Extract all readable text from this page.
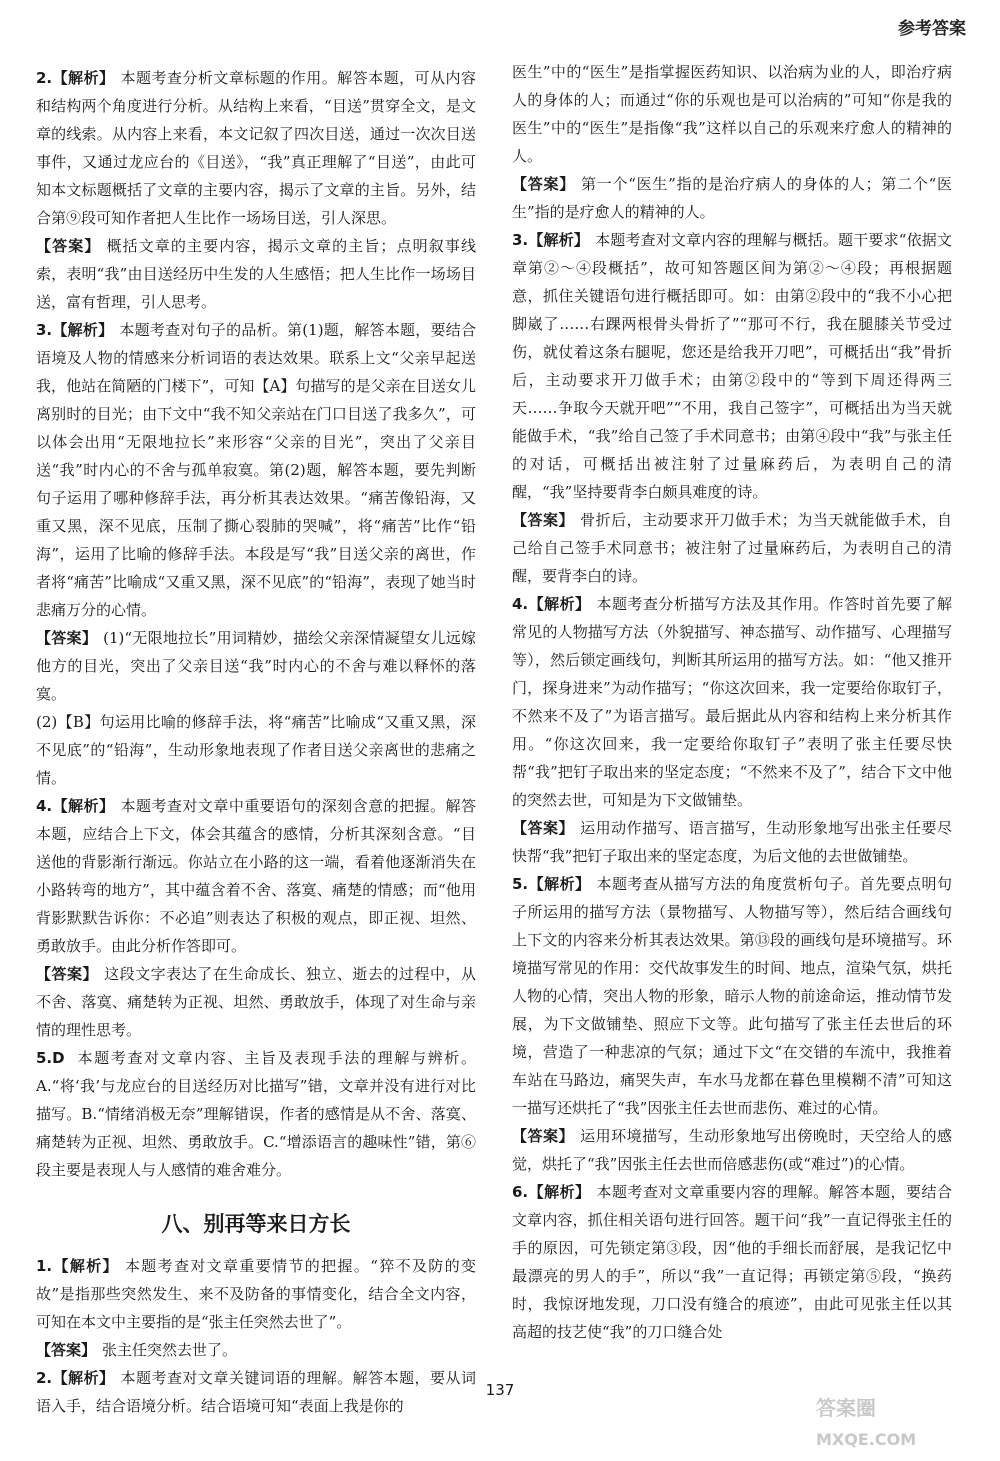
参考答案

2.【解析】 本题考查分析文章标题的作用。解答本题，可从内容和结构两个角度进行分析。从结构上来看，“目送”贯穿全文，是文章的线索。从内容上来看，本文记叙了四次目送，通过一次次目送事件，又通过龙应台的《目送》，“我”真正理解了“目送”，由此可知本文标题概括了文章的主要内容，揭示了文章的主旨。另外，结合第⑨段可知作者把人生比作一场场目送，引人深思。

【答案】 概括文章的主要内容，揭示文章的主旨；点明叙事线索，表明“我”由目送经历中生发的人生感悟；把人生比作一场场目送，富有哲理，引人思考。

3.【解析】 本题考查对句子的品析。第(1)题，解答本题，要结合语境及人物的情感来分析词语的表达效果。联系上文“父亲早起送我，他站在简陋的门楼下”，可知【A】句描写的是父亲在目送女儿离别时的目光；由下文中“我不知父亲站在门口目送了我多久”，可以体会出用“无限地拉长”来形容“父亲的目光”，突出了父亲目送“我”时内心的不舍与孤单寂寞。第(2)题，解答本题，要先判断句子运用了哪种修辞手法，再分析其表达效果。“痛苦像铅海，又重又黑，深不见底，压制了撕心裂肺的哭喊”，将“痛苦”比作“铅海”，运用了比喻的修辞手法。本段是写“我”目送父亲的离世，作者将“痛苦”比喻成“又重又黑，深不见底”的“铅海”，表现了她当时悲痛万分的心情。

【答案】 (1)“无限地拉长”用词精妙，描绘父亲深情凝望女儿远嫁他方的目光，突出了父亲目送“我”时内心的不舍与难以释怀的落寞。

(2)【B】句运用比喻的修辞手法，将“痛苦”比喻成“又重又黑，深不见底”的“铅海”，生动形象地表现了作者目送父亲离世的悲痛之情。

4.【解析】 本题考查对文章中重要语句的深刻含意的把握。解答本题，应结合上下文，体会其蕴含的感情，分析其深刻含意。“目送他的背影渐行渐远。你站立在小路的这一端，看着他逐渐消失在小路转弯的地方”，其中蕴含着不舍、落寞、痛楚的情感；而“他用背影默默告诉你：不必追”则表达了积极的观点，即正视、坦然、勇敢放手。由此分析作答即可。

【答案】 这段文字表达了在生命成长、独立、逝去的过程中，从不舍、落寞、痛楚转为正视、坦然、勇敢放手，体现了对生命与亲情的理性思考。

5.D 本题考查对文章内容、主旨及表现手法的理解与辨析。A.“将‘我’与龙应台的目送经历对比描写”错，文章并没有进行对比描写。B.“情绪消极无奈”理解错误，作者的感情是从不舍、落寞、痛楚转为正视、坦然、勇敢放手。C.“增添语言的趣味性”错，第⑥段主要是表现人与人感情的难舍难分。

八、别再等来日方长

1.【解析】 本题考查对文章重要情节的把握。“猝不及防的变故”是指那些突然发生、来不及防备的事情变化，结合全文内容，可知在本文中主要指的是“张主任突然去世了”。

【答案】 张主任突然去世了。

2.【解析】 本题考查对文章关键词语的理解。解答本题，要从词语入手，结合语境分析。结合语境可知“表面上我是你的

医生”中的“医生”是指掌握医药知识、以治病为业的人，即治疗病人的身体的人；而通过“你的乐观也是可以治病的”可知“你是我的医生”中的“医生”是指像“我”这样以自己的乐观来疗愈人的精神的人。

【答案】 第一个“医生”指的是治疗病人的身体的人；第二个“医生”指的是疗愈人的精神的人。

3.【解析】 本题考查对文章内容的理解与概括。题干要求“依据文章第②～④段概括”，故可知答题区间为第②～④段；再根据题意，抓住关键语句进行概括即可。如：由第②段中的“我不小心把脚崴了……右踝两根骨头骨折了”“那可不行，我在腿膝关节受过伤，就仗着这条右腿呢，您还是给我开刀吧”，可概括出“我”骨折后，主动要求开刀做手术；由第②段中的“等到下周还得两三天……争取今天就开吧”“不用，我自己签字”，可概括出为当天就能做手术，“我”给自己签了手术同意书；由第④段中“我”与张主任的对话，可概括出被注射了过量麻药后，为表明自己的清醒，“我”坚持要背李白颇具难度的诗。

【答案】 骨折后，主动要求开刀做手术；为当天就能做手术，自己给自己签手术同意书；被注射了过量麻药后，为表明自己的清醒，要背李白的诗。

4.【解析】 本题考查分析描写方法及其作用。作答时首先要了解常见的人物描写方法（外貌描写、神态描写、动作描写、心理描写等），然后锁定画线句，判断其所运用的描写方法。如：“他又推开门，探身进来”为动作描写；“你这次回来，我一定要给你取钉子，不然来不及了”为语言描写。最后据此从内容和结构上来分析其作用。“你这次回来，我一定要给你取钉子”表明了张主任要尽快帮“我”把钉子取出来的坚定态度；“不然来不及了”，结合下文中他的突然去世，可知是为下文做铺垫。

【答案】 运用动作描写、语言描写，生动形象地写出张主任要尽快帮“我”把钉子取出来的坚定态度，为后文他的去世做铺垫。

5.【解析】 本题考查从描写方法的角度赏析句子。首先要点明句子所运用的描写方法（景物描写、人物描写等），然后结合画线句上下文的内容来分析其表达效果。第⑬段的画线句是环境描写。环境描写常见的作用：交代故事发生的时间、地点，渲染气氛，烘托人物的心情，突出人物的形象，暗示人物的前途命运，推动情节发展，为下文做铺垫、照应下文等。此句描写了张主任去世后的环境，营造了一种悲凉的气氛；通过下文“在交错的车流中，我推着车站在马路边，痛哭失声，车水马龙都在暮色里模糊不清”可知这一描写还烘托了“我”因张主任去世而悲伤、难过的心情。

【答案】 运用环境描写，生动形象地写出傍晚时，天空给人的感觉，烘托了“我”因张主任去世而倍感悲伤(或“难过”)的心情。

6.【解析】 本题考查对文章重要内容的理解。解答本题，要结合文章内容，抓住相关语句进行回答。题干问“我”一直记得张主任的手的原因，可先锁定第③段，因“他的手细长而舒展，是我记忆中最漂亮的男人的手”，所以“我”一直记得；再锁定第⑤段，“换药时，我惊讶地发现，刀口没有缝合的痕迹”，由此可见张主任以其高超的技艺使“我”的刀口缝合处

137
答案圈
MXQE.COM
